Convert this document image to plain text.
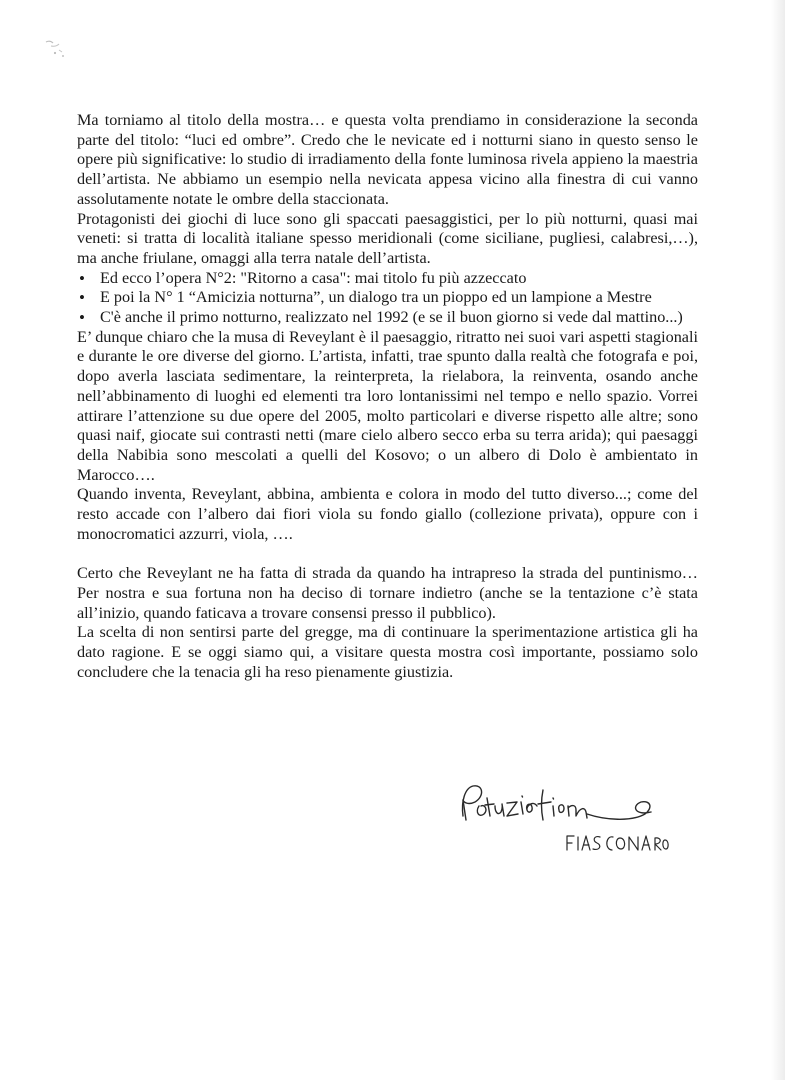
Ma torniamo al titolo della mostra… e questa volta prendiamo in considerazione la seconda parte del titolo: “luci ed ombre”. Credo che le nevicate ed i notturni siano in questo senso le opere più significative: lo studio di irradiamento della fonte luminosa rivela appieno la maestria dell’artista. Ne abbiamo un esempio nella nevicata appesa vicino alla finestra di cui vanno assolutamente notate le ombre della staccionata.

Protagonisti dei giochi di luce sono gli spaccati paesaggistici, per lo più notturni, quasi mai veneti: si tratta di località italiane spesso meridionali (come siciliane, pugliesi, calabresi,…), ma anche friulane, omaggi alla terra natale dell’artista.

• Ed ecco l’opera N°2: "Ritorno a casa": mai titolo fu più azzeccato
• E poi la N° 1 “Amicizia notturna”, un dialogo tra un pioppo ed un lampione a Mestre
• C'è anche il primo notturno, realizzato nel 1992 (e se il buon giorno si vede dal mattino...)

E’ dunque chiaro che la musa di Reveylant è il paesaggio, ritratto nei suoi vari aspetti stagionali e durante le ore diverse del giorno. L’artista, infatti, trae spunto dalla realtà che fotografa e poi, dopo averla lasciata sedimentare, la reinterpreta, la rielabora, la reinventa, osando anche nell’abbinamento di luoghi ed elementi tra loro lontanissimi nel tempo e nello spazio. Vorrei attirare l’attenzione su due opere del 2005, molto particolari e diverse rispetto alle altre; sono quasi naif, giocate sui contrasti netti (mare cielo albero secco erba su terra arida); qui paesaggi della Nabibia sono mescolati a quelli del Kosovo; o un albero di Dolo è ambientato in Marocco….

Quando inventa, Reveylant, abbina, ambienta e colora in modo del tutto diverso...; come del resto accade con l’albero dai fiori viola su fondo giallo (collezione privata), oppure con i monocromatici azzurri, viola, ….

Certo che Reveylant ne ha fatta di strada da quando ha intrapreso la strada del puntinismo… Per nostra e sua fortuna non ha deciso di tornare indietro (anche se la tentazione c’è stata all’inizio, quando faticava a trovare consensi presso il pubblico).

La scelta di non sentirsi parte del gregge, ma di continuare la sperimentazione artistica gli ha dato ragione. E se oggi siamo qui, a visitare questa mostra così importante, possiamo solo concludere che la tenacia gli ha reso pienamente giustizia.
